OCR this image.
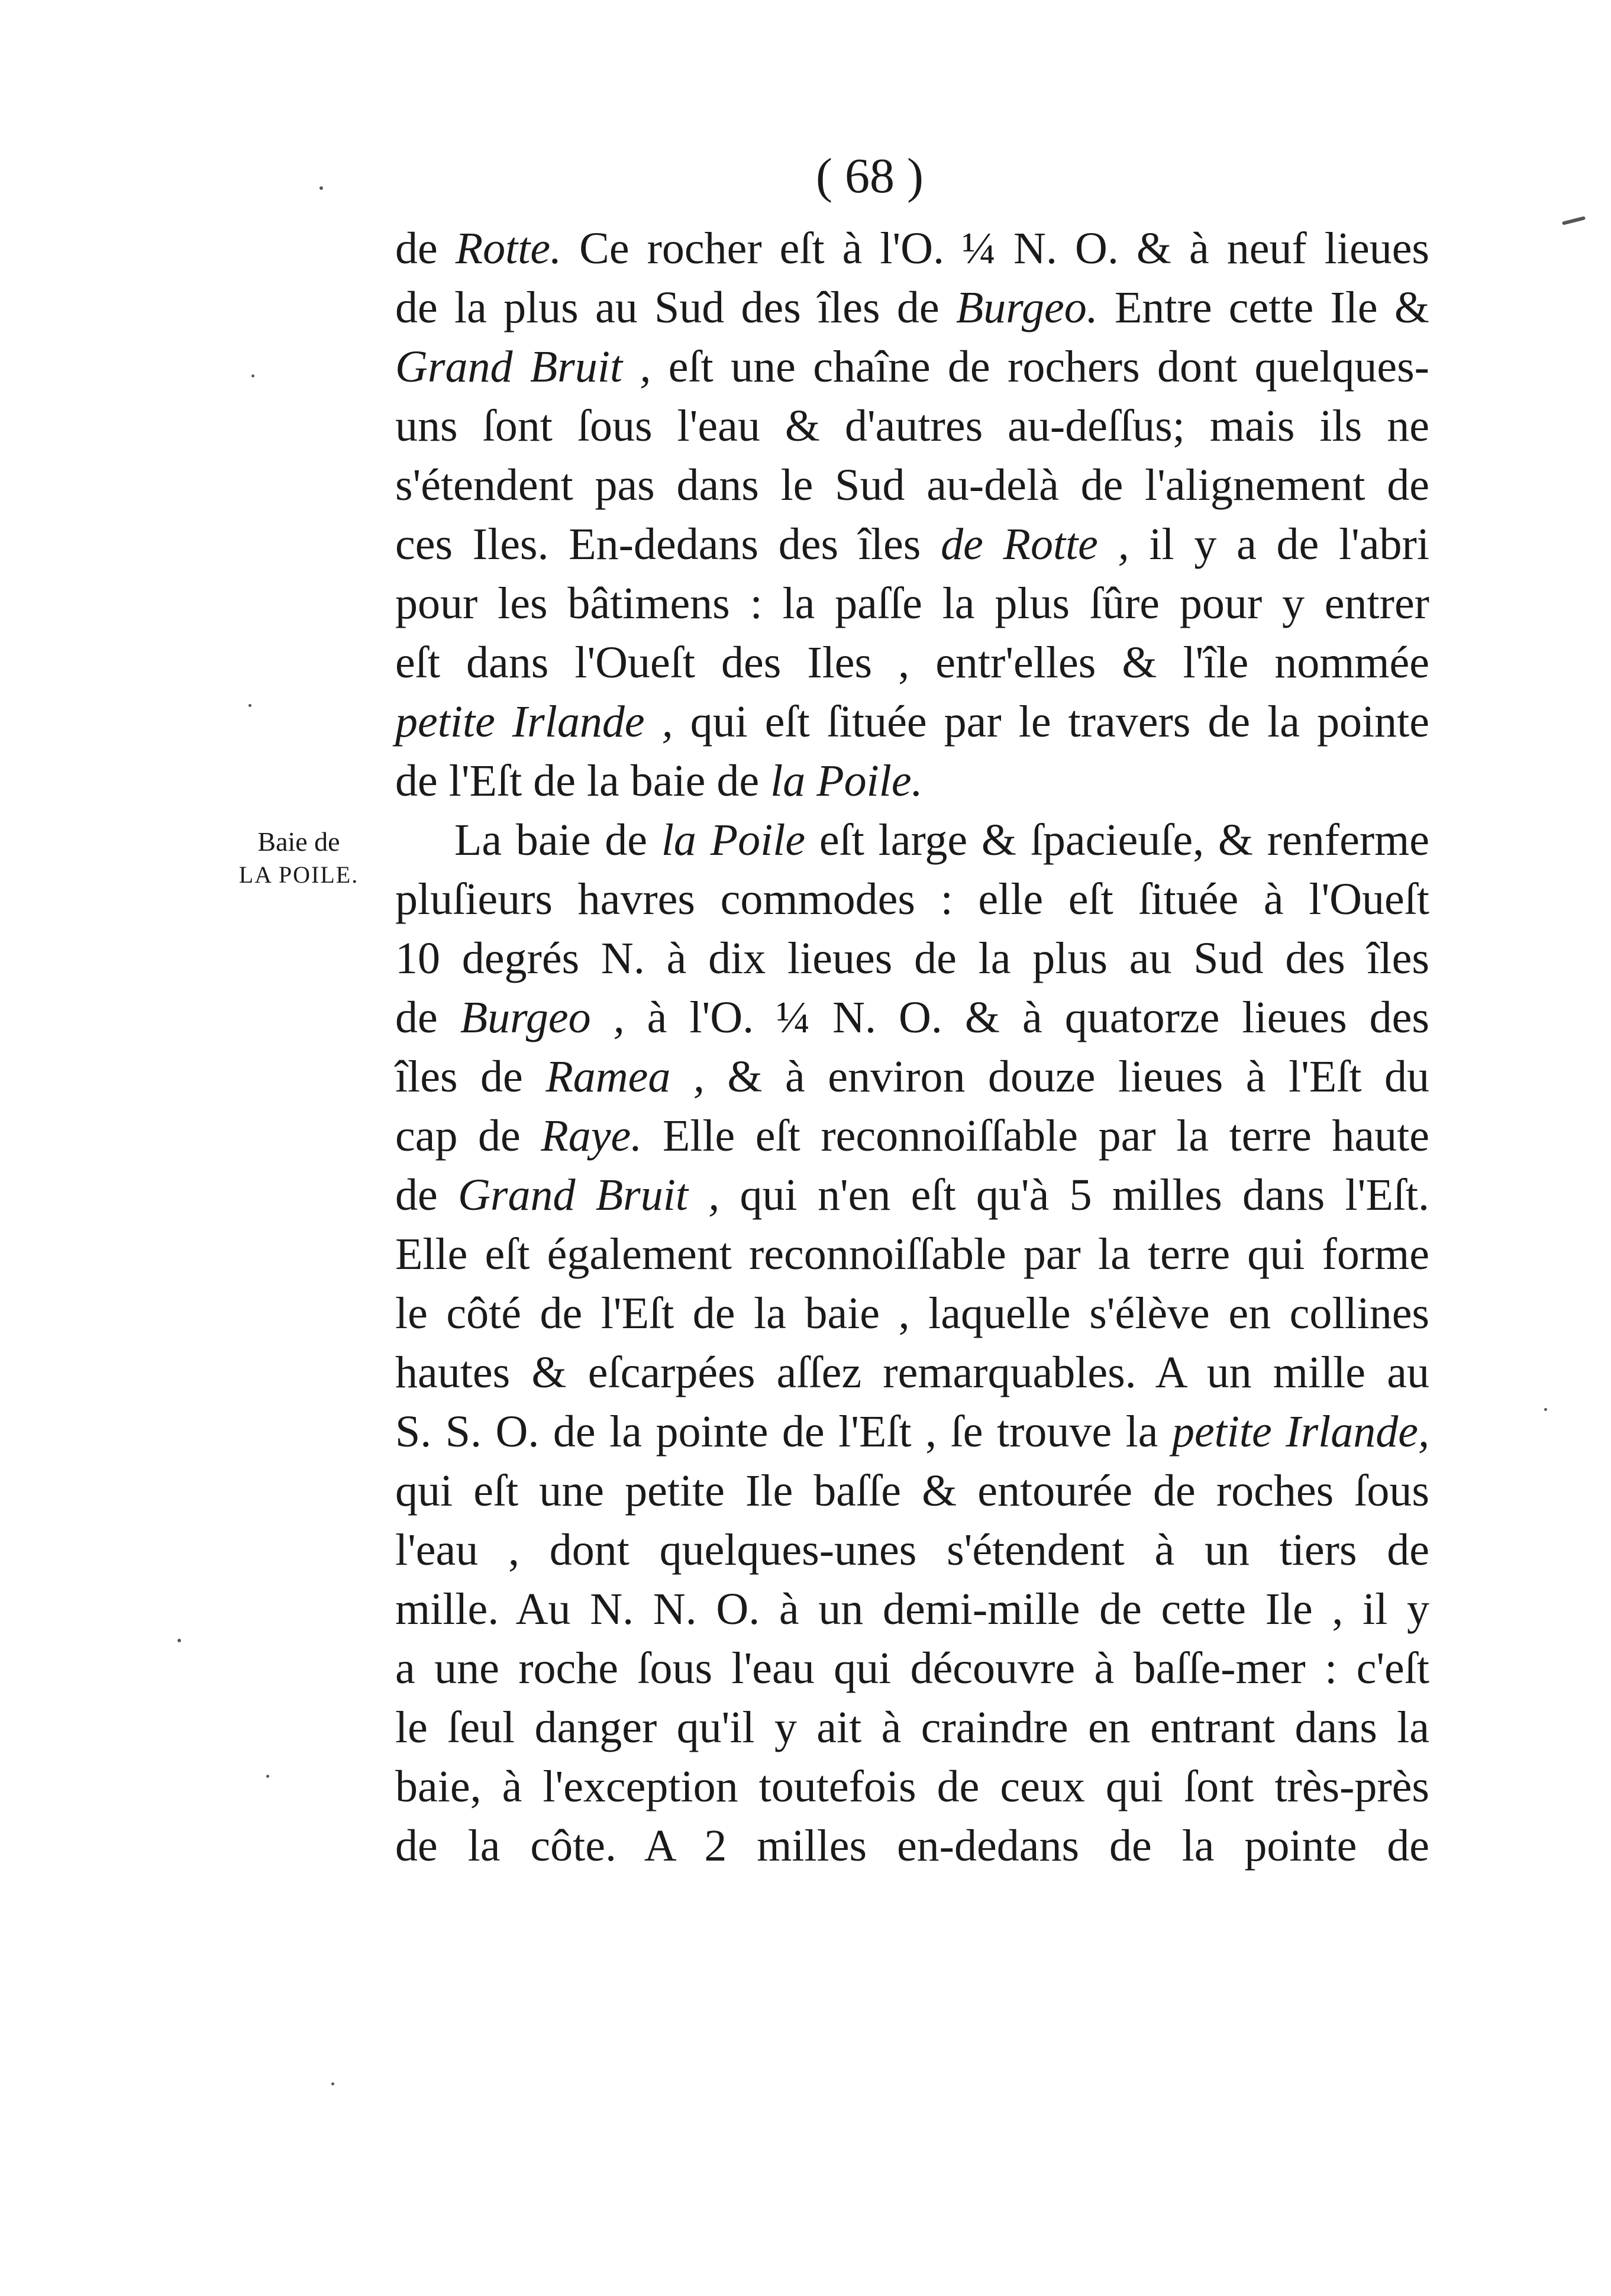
( 68 )
Baie de
LA POILE.
de Rotte. Ce rocher eſt à l'O. ¼ N. O. & à neuf lieues
de la plus au Sud des îles de Burgeo. Entre cette Ile &
Grand Bruit , eſt une chaîne de rochers dont quelques-
uns ſont ſous l'eau & d'autres au-deſſus; mais ils ne
s'étendent pas dans le Sud au-delà de l'alignement de
ces Iles. En-dedans des îles de Rotte , il y a de l'abri
pour les bâtimens : la paſſe la plus ſûre pour y entrer
eſt dans l'Oueſt des Iles , entr'elles & l'île nommée
petite Irlande , qui eſt ſituée par le travers de la pointe
de l'Eſt de la baie de la Poile.
La baie de la Poile eſt large & ſpacieuſe, & renferme
pluſieurs havres commodes : elle eſt ſituée à l'Oueſt
10 degrés N. à dix lieues de la plus au Sud des îles
de Burgeo , à l'O. ¼ N. O. & à quatorze lieues des
îles de Ramea , & à environ douze lieues à l'Eſt du
cap de Raye. Elle eſt reconnoiſſable par la terre haute
de Grand Bruit , qui n'en eſt qu'à 5 milles dans l'Eſt.
Elle eſt également reconnoiſſable par la terre qui forme
le côté de l'Eſt de la baie , laquelle s'élève en collines
hautes & eſcarpées aſſez remarquables. A un mille au
S. S. O. de la pointe de l'Eſt , ſe trouve la petite Irlande,
qui eſt une petite Ile baſſe & entourée de roches ſous
l'eau , dont quelques-unes s'étendent à un tiers de
mille. Au N. N. O. à un demi-mille de cette Ile , il y
a une roche ſous l'eau qui découvre à baſſe-mer : c'eſt
le ſeul danger qu'il y ait à craindre en entrant dans la
baie, à l'exception toutefois de ceux qui ſont très-près
de la côte. A 2 milles en-dedans de la pointe de
